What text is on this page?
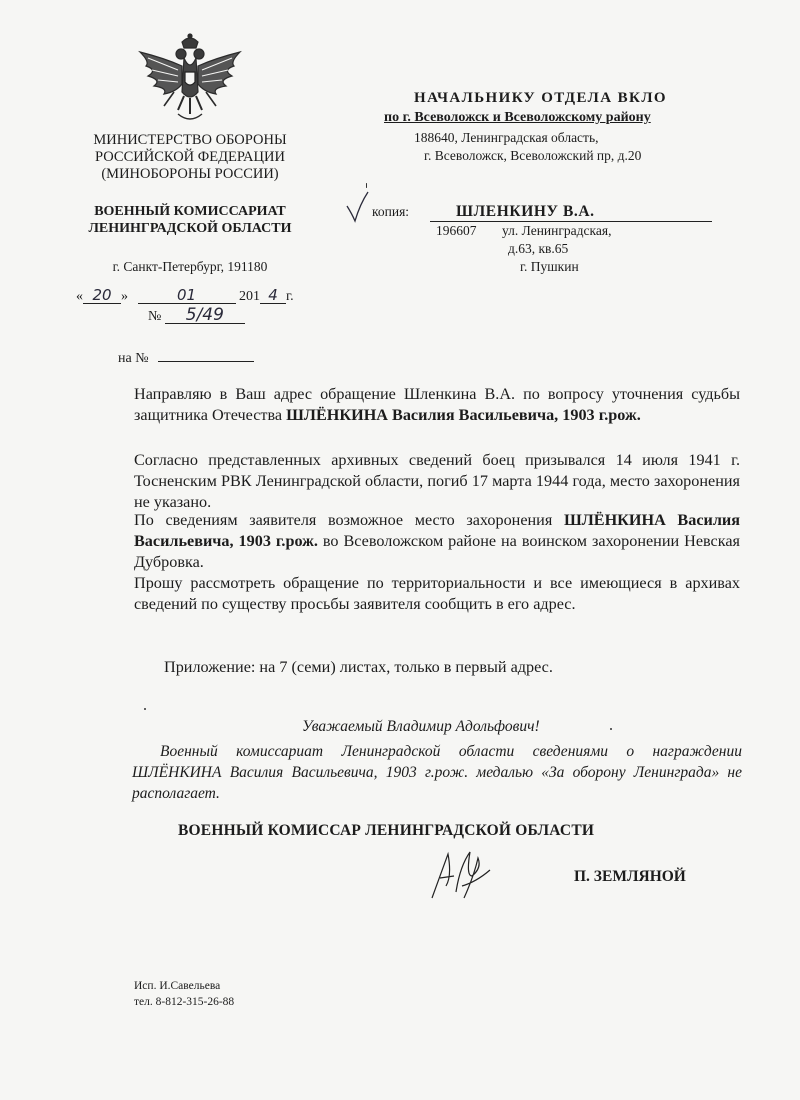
МИНИСТЕРСТВО ОБОРОНЫ
РОССИЙСКОЙ ФЕДЕРАЦИИ
(МИНОБОРОНЫ РОССИИ)
ВОЕННЫЙ КОМИССАРИАТ
ЛЕНИНГРАДСКОЙ ОБЛАСТИ
г. Санкт-Петербург, 191180
« 20 »	01	201 4 г.
№ 5/49
на №
НАЧАЛЬНИКУ ОТДЕЛА ВКЛО
по г. Всеволожск и Всеволожскому району
188640, Ленинградская область,
г. Всеволожск, Всеволожский пр, д.20
копия:	ШЛЕНКИНУ В.А.
196607 ул. Ленинградская,
д.63, кв.65
г. Пушкин
Направляю в Ваш адрес обращение Шленкина В.А. по вопросу уточнения судьбы защитника Отечества ШЛЁНКИНА Василия Васильевича, 1903 г.рож.
Согласно представленных архивных сведений боец призывался 14 июля 1941 г. Тосненским РВК Ленинградской области, погиб 17 марта 1944 года, место захоронения не указано.
По сведениям заявителя возможное место захоронения ШЛЁНКИНА Василия Васильевича, 1903 г.рож. во Всеволожском районе на воинском захоронении Невская Дубровка.
Прошу рассмотреть обращение по территориальности и все имеющиеся в архивах сведений по существу просьбы заявителя сообщить в его адрес.
Приложение: на 7 (семи) листах, только в первый адрес.
Уважаемый Владимир Адольфович!
Военный комиссариат Ленинградской области сведениями о награждении ШЛЁНКИНА Василия Васильевича, 1903 г.рож. медалью «За оборону Ленинграда» не располагает.
ВОЕННЫЙ КОМИССАР ЛЕНИНГРАДСКОЙ ОБЛАСТИ
П. ЗЕМЛЯНОЙ
Исп. И.Савельева
тел. 8-812-315-26-88
